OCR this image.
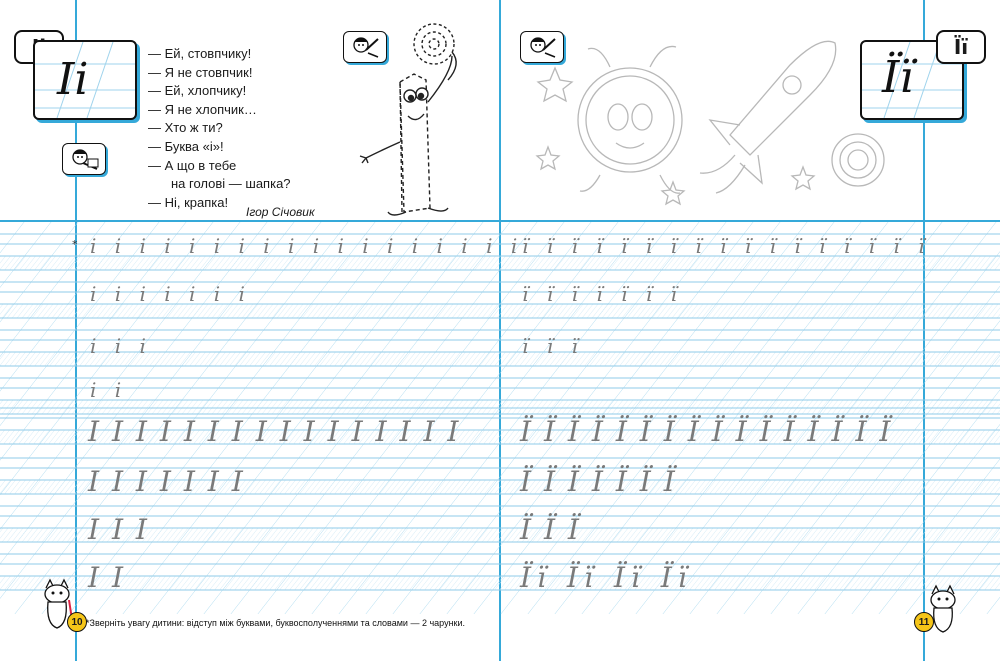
Іі
— Ей, стовпчику!
— Я не стовпчик!
— Ей, хлопчику!
— Я не хлопчик…
— Хто ж ти?
— Буква «і»!
— А що в тебе
на голові — шапка?
— Ні, крапка!
Ігор Січовик
Її
Її
і і і і і і і і і і і і і і і і і і
*
і і і і і і і
і і і
і і
І І І І І І І І І І І І І І І І
І І І І І І І
І І І
І І
ї ї ї ї ї ї ї ї ї ї ї ї ї ї ї ї ї
ї ї ї ї ї ї ї
ї ї ї
Ї Ї Ї Ї Ї Ї Ї Ї Ї Ї Ї Ї Ї Ї Ї Ї
Ї Ї Ї Ї Ї Ї Ї
Ї Ї Ї
Її Її Її Її
10 *Зверніть увагу дитини: відступ між буквами, буквосполученнями та словами — 2 чарунки.	11
